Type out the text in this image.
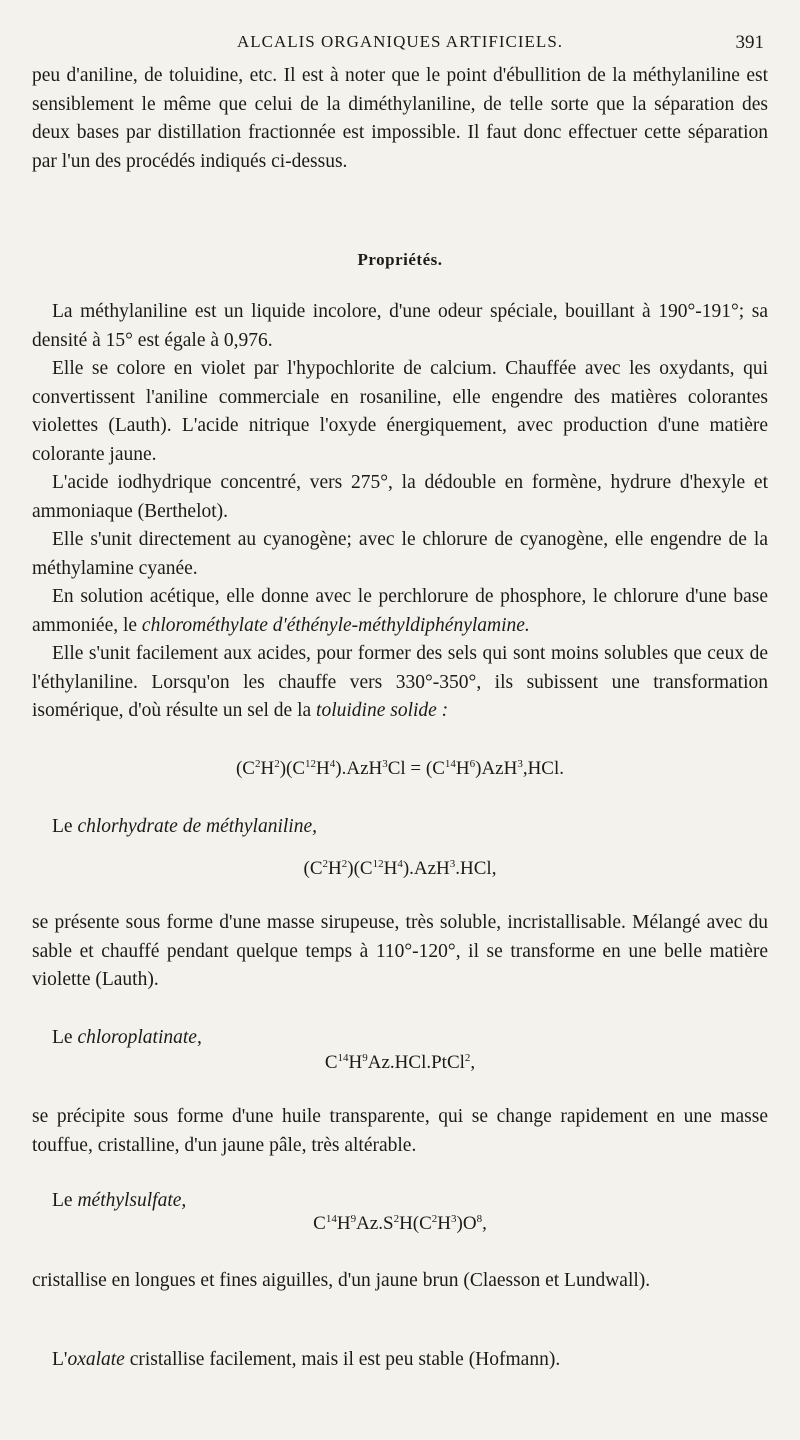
ALCALIS ORGANIQUES ARTIFICIELS.	391

peu d'aniline, de toluidine, etc. Il est à noter que le point d'ébullition de la méthylaniline est sensiblement le même que celui de la diméthylaniline, de telle sorte que la séparation des deux bases par distillation fractionnée est impossible. Il faut donc effectuer cette séparation par l'un des procédés indiqués ci-dessus.

Propriétés.

La méthylaniline est un liquide incolore, d'une odeur spéciale, bouillant à 190°-191°; sa densité à 15° est égale à 0,976.

Elle se colore en violet par l'hypochlorite de calcium. Chauffée avec les oxydants, qui convertissent l'aniline commerciale en rosaniline, elle engendre des matières colorantes violettes (Lauth). L'acide nitrique l'oxyde énergiquement, avec production d'une matière colorante jaune.

L'acide iodhydrique concentré, vers 275°, la dédouble en formène, hydrure d'hexyle et ammoniaque (Berthelot).

Elle s'unit directement au cyanogène; avec le chlorure de cyanogène, elle engendre de la méthylamine cyanée.

En solution acétique, elle donne avec le perchlorure de phosphore, le chlorure d'une base ammoniée, le chlorométhylate d'éthényle-méthyldiphénylamine.

Elle s'unit facilement aux acides, pour former des sels qui sont moins solubles que ceux de l'éthylaniline. Lorsqu'on les chauffe vers 330°-350°, ils subissent une transformation isomérique, d'où résulte un sel de la toluidine solide :

$(C^2H^2)(C^{12}H^4).AzH^3Cl = (C^{14}H^6)AzH^3,HCl$.

Le chlorhydrate de méthylaniline,

$(C^2H^2)(C^{12}H^4).AzH^3.HCl$,

se présente sous forme d'une masse sirupeuse, très soluble, incristallisable. Mélangé avec du sable et chauffé pendant quelque temps à 110°-120°, il se transforme en une belle matière violette (Lauth).

Le chloroplatinate,

$C^{14}H^9Az.HCl.PtCl^2$,

se précipite sous forme d'une huile transparente, qui se change rapidement en une masse touffue, cristalline, d'un jaune pâle, très altérable.

Le méthylsulfate,

$C^{14}H^9Az.S^2H(C^2H^3)O^8$,

cristallise en longues et fines aiguilles, d'un jaune brun (Claesson et Lundwall).

L'oxalate cristallise facilement, mais il est peu stable (Hofmann).
